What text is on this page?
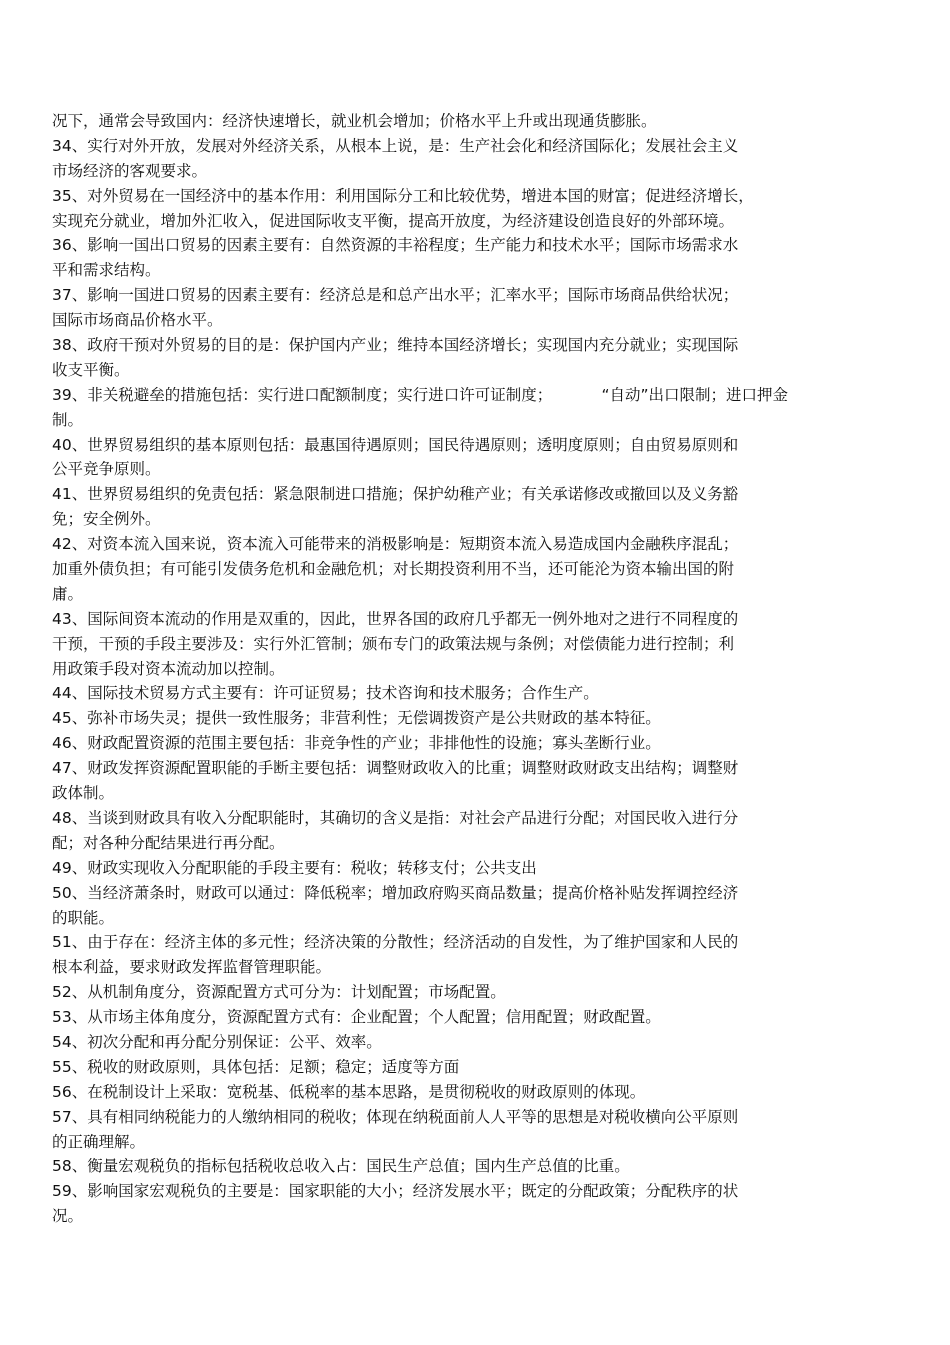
况下，通常会导致国内：经济快速增长，就业机会增加；价格水平上升或出现通货膨胀。
34、实行对外开放，发展对外经济关系，从根本上说，是：生产社会化和经济国际化；发展社会主义
市场经济的客观要求。
35、对外贸易在一国经济中的基本作用：利用国际分工和比较优势，增进本国的财富；促进经济增长，
实现充分就业，增加外汇收入，促进国际收支平衡，提高开放度，为经济建设创造良好的外部环境。
36、影响一国出口贸易的因素主要有：自然资源的丰裕程度；生产能力和技术水平；国际市场需求水
平和需求结构。
37、影响一国进口贸易的因素主要有：经济总是和总产出水平；汇率水平；国际市场商品供给状况；
国际市场商品价格水平。
38、政府干预对外贸易的目的是：保护国内产业；维持本国经济增长；实现国内充分就业；实现国际
收支平衡。
39、非关税避垒的措施包括：实行进口配额制度；实行进口许可证制度；          “自动”出口限制；进口押金
制。
40、世界贸易组织的基本原则包括：最惠国待遇原则；国民待遇原则；透明度原则；自由贸易原则和
公平竞争原则。
41、世界贸易组织的免责包括：紧急限制进口措施；保护幼稚产业；有关承诺修改或撤回以及义务豁
免；安全例外。
42、对资本流入国来说，资本流入可能带来的消极影响是：短期资本流入易造成国内金融秩序混乱；
加重外债负担；有可能引发债务危机和金融危机；对长期投资利用不当，还可能沦为资本输出国的附
庸。
43、国际间资本流动的作用是双重的，因此，世界各国的政府几乎都无一例外地对之进行不同程度的
干预，干预的手段主要涉及：实行外汇管制；颁布专门的政策法规与条例；对偿债能力进行控制；利
用政策手段对资本流动加以控制。
44、国际技术贸易方式主要有：许可证贸易；技术咨询和技术服务；合作生产。
45、弥补市场失灵；提供一致性服务；非营利性；无偿调拨资产是公共财政的基本特征。
46、财政配置资源的范围主要包括：非竞争性的产业；非排他性的设施；寡头垄断行业。
47、财政发挥资源配置职能的手断主要包括：调整财政收入的比重；调整财政财政支出结构；调整财
政体制。
48、当谈到财政具有收入分配职能时，其确切的含义是指：对社会产品进行分配；对国民收入进行分
配；对各种分配结果进行再分配。
49、财政实现收入分配职能的手段主要有：税收；转移支付；公共支出
50、当经济萧条时，财政可以通过：降低税率；增加政府购买商品数量；提高价格补贴发挥调控经济
的职能。
51、由于存在：经济主体的多元性；经济决策的分散性；经济活动的自发性，为了维护国家和人民的
根本利益，要求财政发挥监督管理职能。
52、从机制角度分，资源配置方式可分为：计划配置；市场配置。
53、从市场主体角度分，资源配置方式有：企业配置；个人配置；信用配置；财政配置。
54、初次分配和再分配分别保证：公平、效率。
55、税收的财政原则，具体包括：足额；稳定；适度等方面
56、在税制设计上采取：宽税基、低税率的基本思路，是贯彻税收的财政原则的体现。
57、具有相同纳税能力的人缴纳相同的税收；体现在纳税面前人人平等的思想是对税收横向公平原则
的正确理解。
58、衡量宏观税负的指标包括税收总收入占：国民生产总值；国内生产总值的比重。
59、影响国家宏观税负的主要是：国家职能的大小；经济发展水平；既定的分配政策；分配秩序的状
况。
